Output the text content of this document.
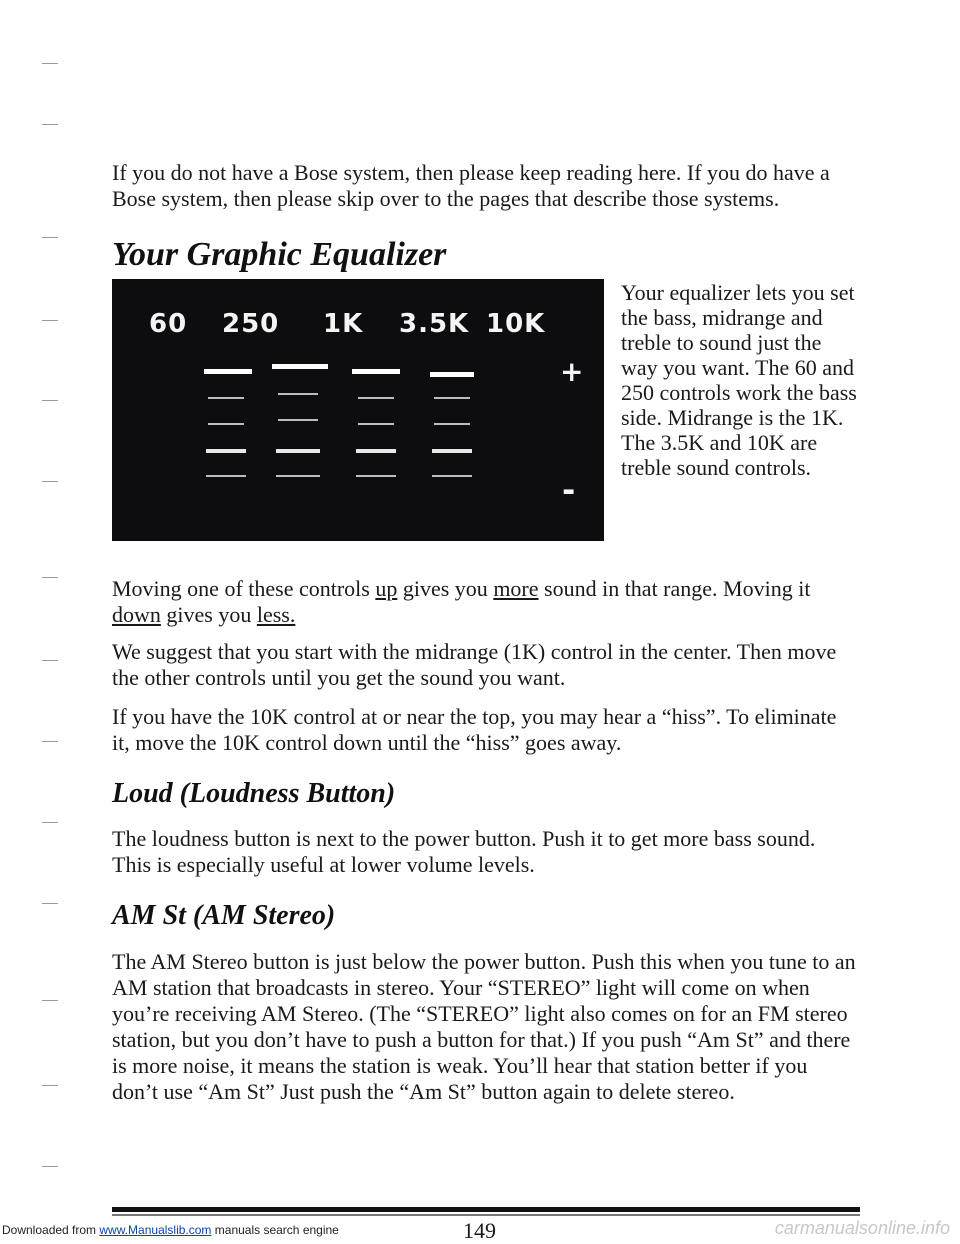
If you do not have a Bose system, then please keep reading here. If you do have a Bose system, then please skip over to the pages that describe those systems.

Your Graphic Equalizer
60 250 1K 3.5K 10K
+
-

Your equalizer lets you set the bass, midrange and treble to sound just the way you want. The 60 and 250 controls work the bass side. Midrange is the 1K. The 3.5K and 10K are treble sound controls.

Moving one of these controls up gives you more sound in that range. Moving it down gives you less.

We suggest that you start with the midrange (1K) control in the center. Then move the other controls until you get the sound you want.

If you have the 10K control at or near the top, you may hear a “hiss”. To eliminate it, move the 10K control down until the “hiss” goes away.

Loud (Loudness Button)

The loudness button is next to the power button. Push it to get more bass sound. This is especially useful at lower volume levels.

AM St (AM Stereo)

The AM Stereo button is just below the power button. Push this when you tune to an AM station that broadcasts in stereo. Your “STEREO” light will come on when you’re receiving AM Stereo. (The “STEREO” light also comes on for an FM stereo station, but you don’t have to push a button for that.) If you push “Am St” and there is more noise, it means the station is weak. You’ll hear that station better if you don’t use “Am St” Just push the “Am St” button again to delete stereo.

149
Downloaded from www.Manualslib.com manuals search engine	carmanualsonline.info
